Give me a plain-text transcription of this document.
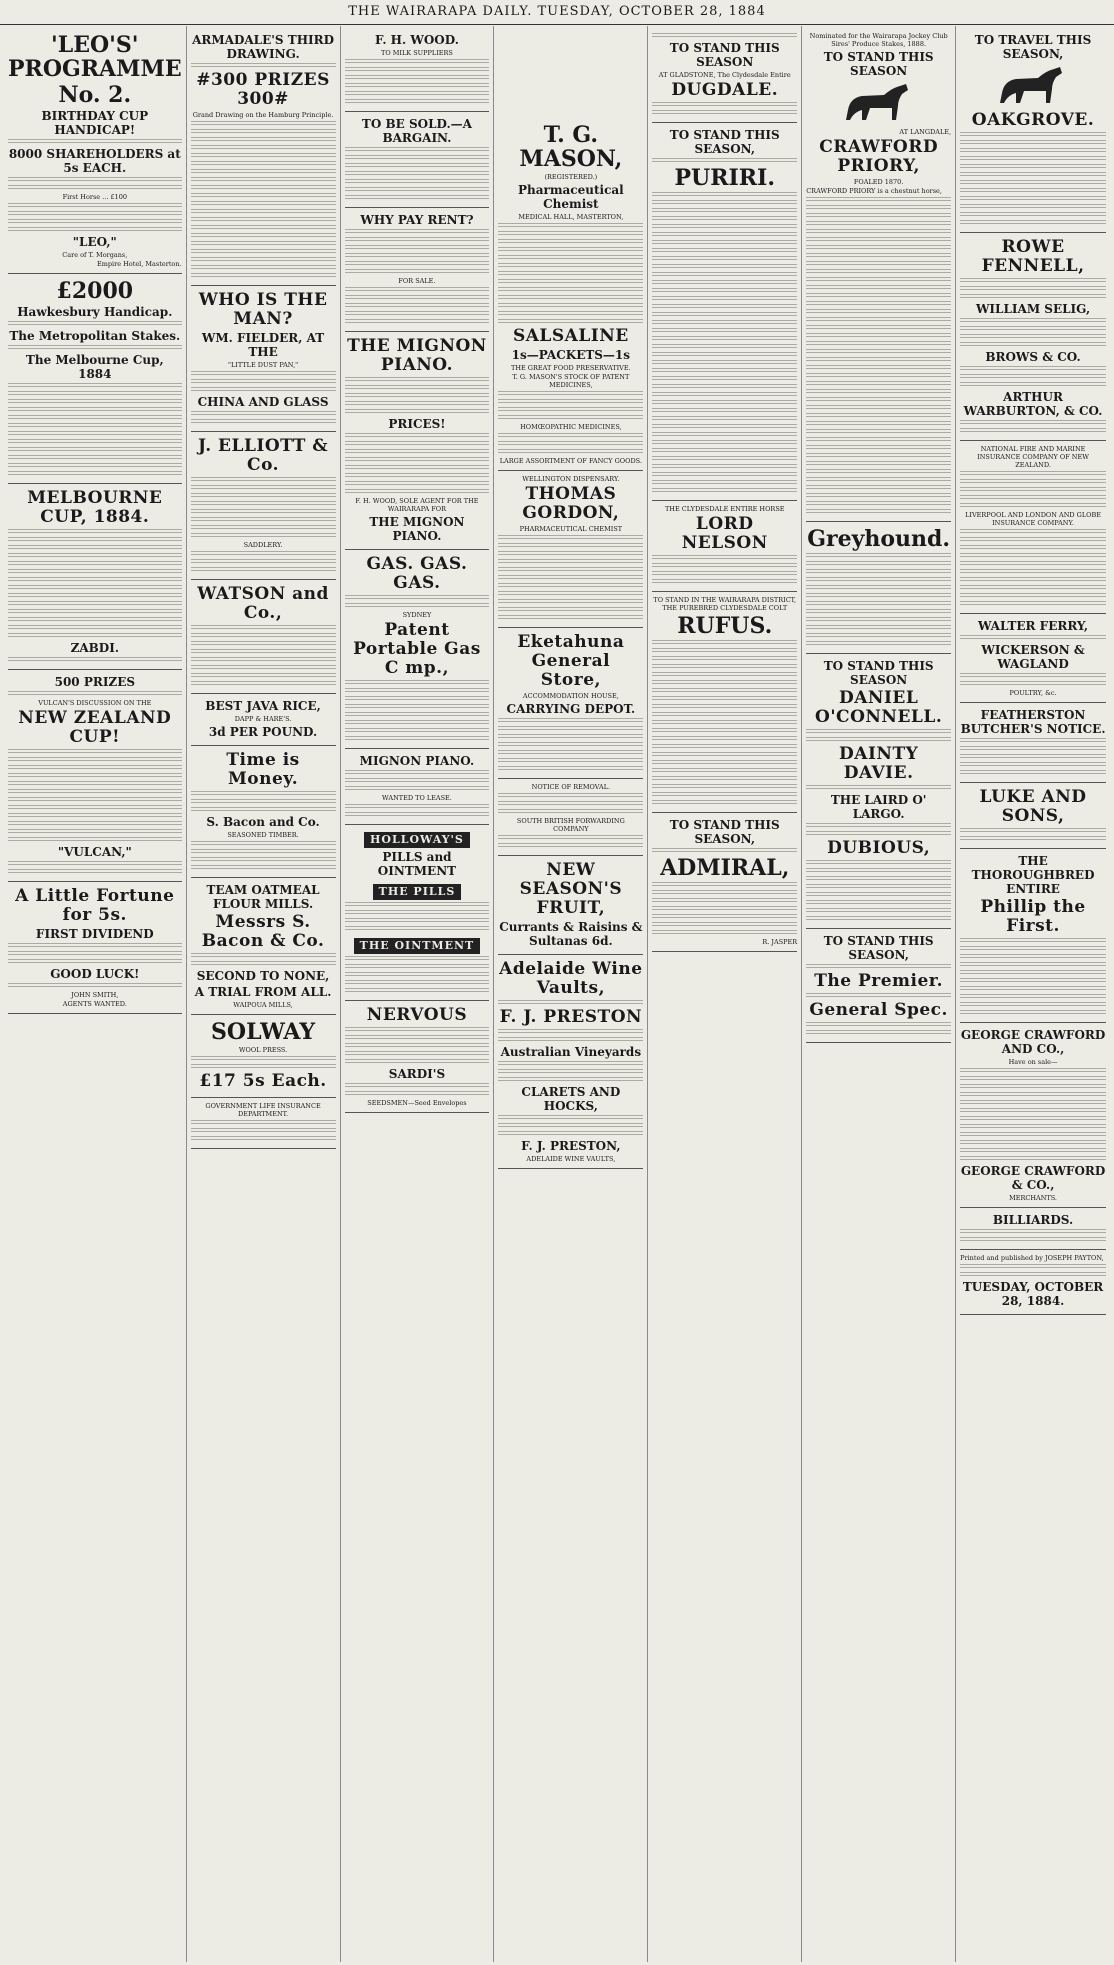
THE WAIRARAPA DAILY. TUESDAY, OCTOBER 28, 1884
'LEO'S' PROGRAMME
No. 2.
BIRTHDAY CUP HANDICAP!
8000 SHAREHOLDERS at 5s EACH.

First Horse ... £100

"LEO,"

Care of T. Morgans,

Empire Hotel, Masterton.

£2000
Hawkesbury Handicap.
The Metropolitan Stakes.
The Melbourne Cup, 1884
MELBOURNE CUP, 1884.
ZABDI.
500 PRIZES

VULCAN'S DISCUSSION ON THE

NEW ZEALAND CUP!
"VULCAN,"
A Little Fortune for 5s.
FIRST DIVIDEND
GOOD LUCK!

JOHN SMITH,

AGENTS WANTED.

ARMADALE'S THIRD DRAWING.
#300 PRIZES 300#

Grand Drawing on the Hamburg Principle.

WHO IS THE MAN?
WM. FIELDER, AT THE

"LITTLE DUST PAN,"

CHINA AND GLASS
J. ELLIOTT & Co.

SADDLERY.

WATSON and Co.,
BEST JAVA RICE,

DAPP & HARE'S.

3d PER POUND.
Time is Money.
S. Bacon and Co.

SEASONED TIMBER.

TEAM OATMEAL FLOUR MILLS.
Messrs S. Bacon & Co.
SECOND TO NONE,
A TRIAL FROM ALL.

WAIPOUA MILLS,

SOLWAY

WOOL PRESS.

£17 5s Each.

GOVERNMENT LIFE INSURANCE DEPARTMENT.

F. H. WOOD.

TO MILK SUPPLIERS

TO BE SOLD.—A BARGAIN.
WHY PAY RENT?

FOR SALE.

THE MIGNON PIANO.
PRICES!

F. H. WOOD, SOLE AGENT FOR THE WAIRARAPA FOR

THE MIGNON PIANO.
GAS. GAS. GAS.

SYDNEY

Patent Portable Gas C mp.,
MIGNON PIANO.

WANTED TO LEASE.

HOLLOWAY'S
PILLS and OINTMENT
THE PILLS
THE OINTMENT
NERVOUS
SARDI'S

SEEDSMEN—Seed Envelopes

T. G. MASON,

(REGISTERED.)

Pharmaceutical Chemist

MEDICAL HALL, MASTERTON,

SALSALINE
1s—PACKETS—1s

THE GREAT FOOD PRESERVATIVE.

T. G. MASON'S STOCK OF PATENT MEDICINES,

HOMŒOPATHIC MEDICINES,

LARGE ASSORTMENT OF FANCY GOODS.

WELLINGTON DISPENSARY.

THOMAS GORDON,

PHARMACEUTICAL CHEMIST

Eketahuna General Store,

ACCOMMODATION HOUSE,

CARRYING DEPOT.

NOTICE OF REMOVAL.

SOUTH BRITISH FORWARDING COMPANY

NEW SEASON'S FRUIT,
Currants & Raisins & Sultanas 6d.
Adelaide Wine Vaults,
F. J. PRESTON
Australian Vineyards
CLARETS AND HOCKS,
F. J. PRESTON,

ADELAIDE WINE VAULTS,

TO STAND THIS SEASON

AT GLADSTONE, The Clydesdale Entire

DUGDALE.
TO STAND THIS SEASON,
PURIRI.

THE CLYDESDALE ENTIRE HORSE

LORD NELSON

TO STAND IN THE WAIRARAPA DISTRICT, THE PUREBRED CLYDESDALE COLT

RUFUS.
TO STAND THIS SEASON,
ADMIRAL,

R. JASPER

Nominated for the Wairarapa Jockey Club Sires' Produce Stakes, 1888.

TO STAND THIS SEASON

AT LANGDALE,

CRAWFORD PRIORY,

FOALED 1870.

CRAWFORD PRIORY is a chestnut horse,

Greyhound.
TO STAND THIS SEASON
DANIEL O'CONNELL.
DAINTY DAVIE.
THE LAIRD O' LARGO.
DUBIOUS,
TO STAND THIS SEASON,
The Premier.
General Spec.
TO TRAVEL THIS SEASON,
OAKGROVE.
ROWE FENNELL,
WILLIAM SELIG,
BROWS & CO.
ARTHUR WARBURTON, & CO.

NATIONAL FIRE AND MARINE INSURANCE COMPANY OF NEW ZEALAND.

LIVERPOOL AND LONDON AND GLOBE INSURANCE COMPANY.

WALTER FERRY,
WICKERSON & WAGLAND

POULTRY, &c.

FEATHERSTON BUTCHER'S NOTICE.
LUKE AND SONS,
THE THOROUGHBRED ENTIRE
Phillip the First.
GEORGE CRAWFORD AND CO.,

Have on sale—

GEORGE CRAWFORD & CO.,

MERCHANTS.

BILLIARDS.

Printed and published by JOSEPH PAYTON,

TUESDAY, OCTOBER 28, 1884.
